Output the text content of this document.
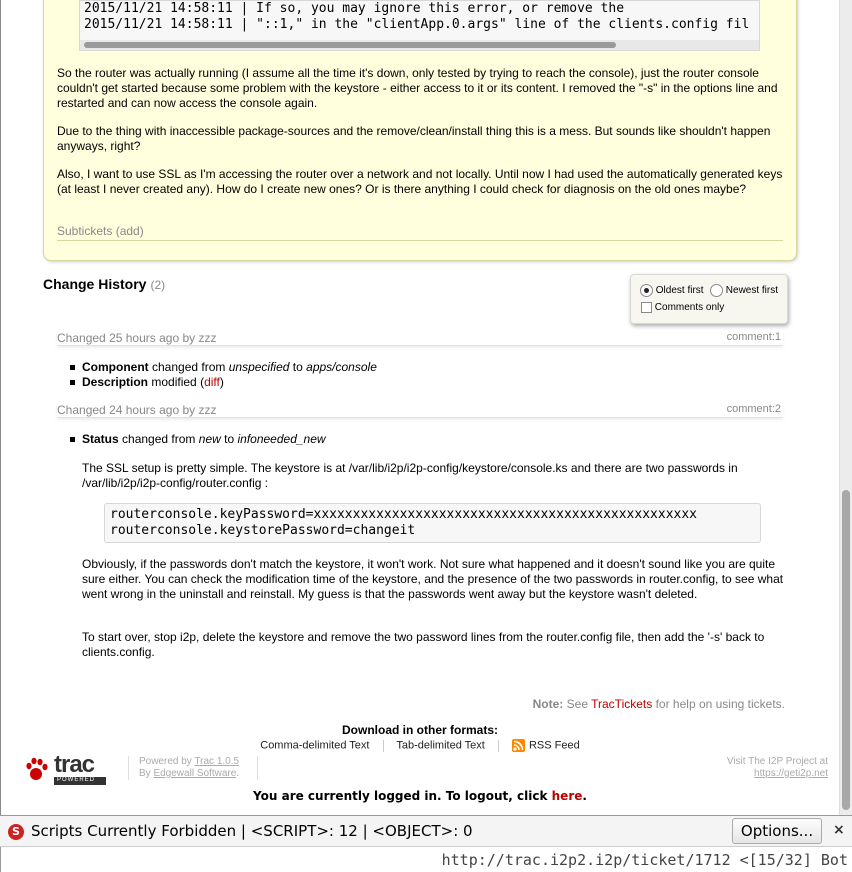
2015/11/21 14:58:11 | If so, you may ignore this error, or remove the
2015/11/21 14:58:11 | "::1," in the "clientApp.0.args" line of the clients.config fil

So the router was actually running (I assume all the time it's down, only tested by trying to reach the console), just the router console couldn't get started because some problem with the keystore - either access to it or its content. I removed the "-s" in the options line and restarted and can now access the console again.

Due to the thing with inaccessible package-sources and the remove/clean/install thing this is a mess. But sounds like shouldn't happen anyways, right?

Also, I want to use SSL as I'm accessing the router over a network and not locally. Until now I had used the automatically generated keys (at least I never created any). How do I create new ones? Or is there anything I could check for diagnosis on the old ones maybe?

Subtickets (add)
Change History (2)	Oldest first	Newest first
Comments only
Changed 25 hours ago by zzz	comment:1
Component changed from unspecified to apps/console
Description modified (diff)
Changed 24 hours ago by zzz	comment:2
Status changed from new to infoneeded_new

The SSL setup is pretty simple. The keystore is at /var/lib/i2p/i2p-config/keystore/console.ks and there are two passwords in /var/lib/i2p/i2p-config/router.config :

routerconsole.keyPassword=xxxxxxxxxxxxxxxxxxxxxxxxxxxxxxxxxxxxxxxxxxxxxxxxx
routerconsole.keystorePassword=changeit

Obviously, if the passwords don't match the keystore, it won't work. Not sure what happened and it doesn't sound like you are quite sure either. You can check the modification time of the keystore, and the presence of the two passwords in router.config, to see what went wrong in the uninstall and reinstall. My guess is that the passwords went away but the keystore wasn't deleted.

To start over, stop i2p, delete the keystore and remove the two password lines from the router.config file, then add the '-s' back to clients.config.

Note: See TracTickets for help on using tickets.
Download in other formats:
Comma-delimited Text Tab-delimited Text	RSS Feed
trac
POWERED
Powered by Trac 1.0.5
By Edgewall Software.
Visit The I2P Project at
https://geti2p.net
You are currently logged in. To logout, click here.
S
Scripts Currently Forbidden | <SCRIPT>: 12 | <OBJECT>: 0	Options...	×
http://trac.i2p2.i2p/ticket/1712 <[15/32] Bot
